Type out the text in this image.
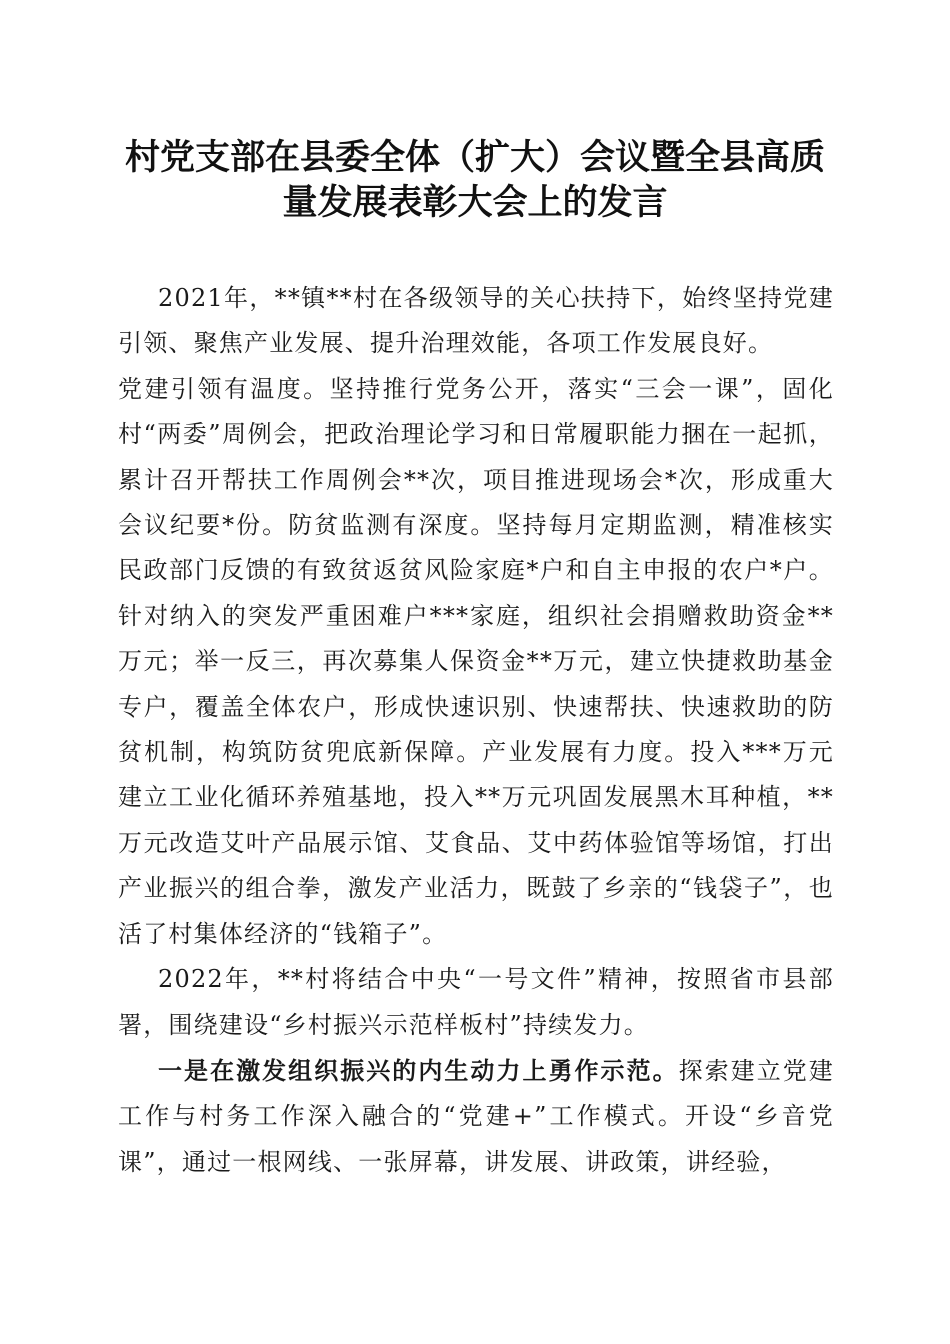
村党支部在县委全体（扩大）会议暨全县高质量发展表彰大会上的发言

2021年，**镇**村在各级领导的关心扶持下，始终坚持党建引领、聚焦产业发展、提升治理效能，各项工作发展良好。

党建引领有温度。坚持推行党务公开，落实“三会一课”，固化村“两委”周例会，把政治理论学习和日常履职能力捆在一起抓，累计召开帮扶工作周例会**次，项目推进现场会*次，形成重大会议纪要*份。防贫监测有深度。坚持每月定期监测，精准核实民政部门反馈的有致贫返贫风险家庭*户和自主申报的农户*户。针对纳入的突发严重困难户***家庭，组织社会捐赠救助资金**万元；举一反三，再次募集人保资金**万元，建立快捷救助基金专户，覆盖全体农户，形成快速识别、快速帮扶、快速救助的防贫机制，构筑防贫兜底新保障。产业发展有力度。投入***万元建立工业化循环养殖基地，投入**万元巩固发展黑木耳种植，**万元改造艾叶产品展示馆、艾食品、艾中药体验馆等场馆，打出产业振兴的组合拳，激发产业活力，既鼓了乡亲的“钱袋子”，也活了村集体经济的“钱箱子”。

2022年，**村将结合中央“一号文件”精神，按照省市县部署，围绕建设“乡村振兴示范样板村”持续发力。

一是在激发组织振兴的内生动力上勇作示范。探索建立党建工作与村务工作深入融合的“党建+”工作模式。开设“乡音党课”，通过一根网线、一张屏幕，讲发展、讲政策，讲经验，
